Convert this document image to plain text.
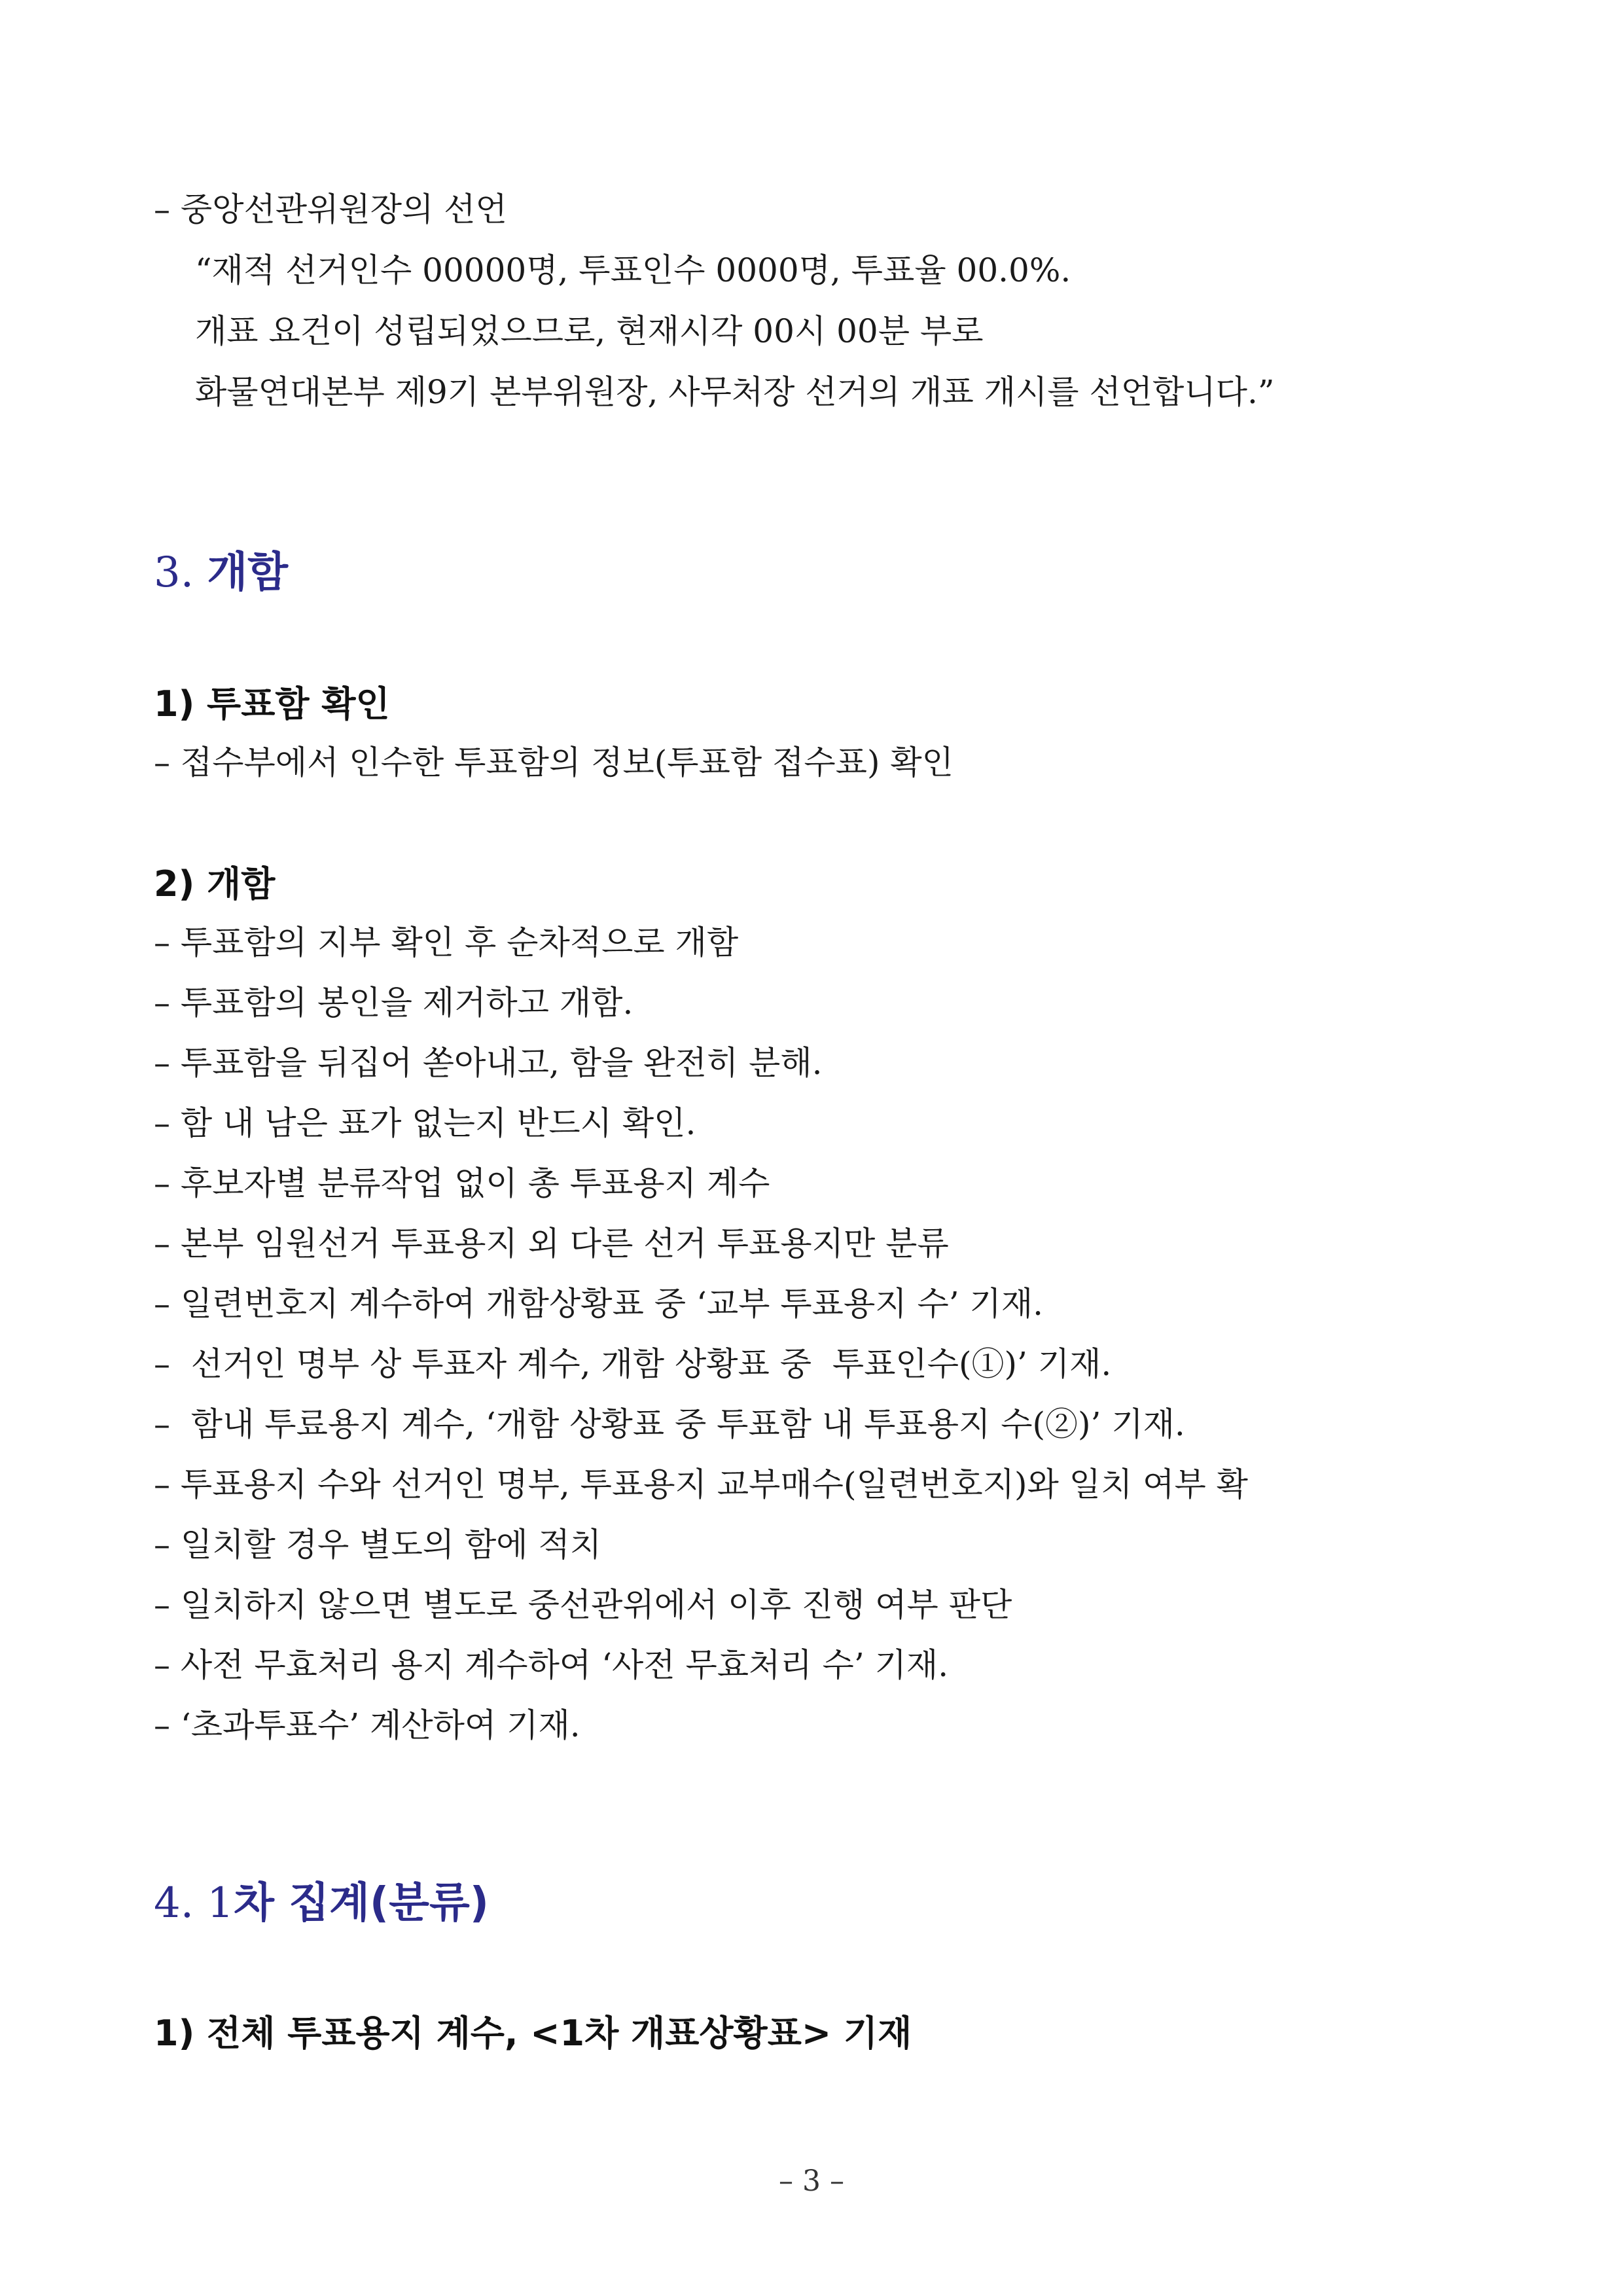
– 중앙선관위원장의 선언
“재적 선거인수 00000명, 투표인수 0000명, 투표율 00.0%.
개표 요건이 성립되었으므로, 현재시각 00시 00분 부로
화물연대본부 제9기 본부위원장, 사무처장 선거의 개표 개시를 선언합니다.”
3. 개함
1) 투표함 확인
– 접수부에서 인수한 투표함의 정보(투표함 접수표) 확인
2) 개함
– 투표함의 지부 확인 후 순차적으로 개함
– 투표함의 봉인을 제거하고 개함.
– 투표함을 뒤집어 쏟아내고, 함을 완전히 분해.
– 함 내 남은 표가 없는지 반드시 확인.
– 후보자별 분류작업 없이 총 투표용지 계수
– 본부 임원선거 투표용지 외 다른 선거 투표용지만 분류
– 일련번호지 계수하여 개함상황표 중 ‘교부 투표용지 수’ 기재.
–  선거인 명부 상 투표자 계수, 개함 상황표 중  투표인수(①)’ 기재.
–  함내 투료용지 계수, ‘개함 상황표 중 투표함 내 투표용지 수(②)’ 기재.
– 투표용지 수와 선거인 명부, 투표용지 교부매수(일련번호지)와 일치 여부 확
– 일치할 경우 별도의 함에 적치
– 일치하지 않으면 별도로 중선관위에서 이후 진행 여부 판단
– 사전 무효처리 용지 계수하여 ‘사전 무효처리 수’ 기재.
– ‘초과투표수’ 계산하여 기재.
4. 1차 집계(분류)
1) 전체 투표용지 계수, <1차 개표상황표> 기재
– 3 –
